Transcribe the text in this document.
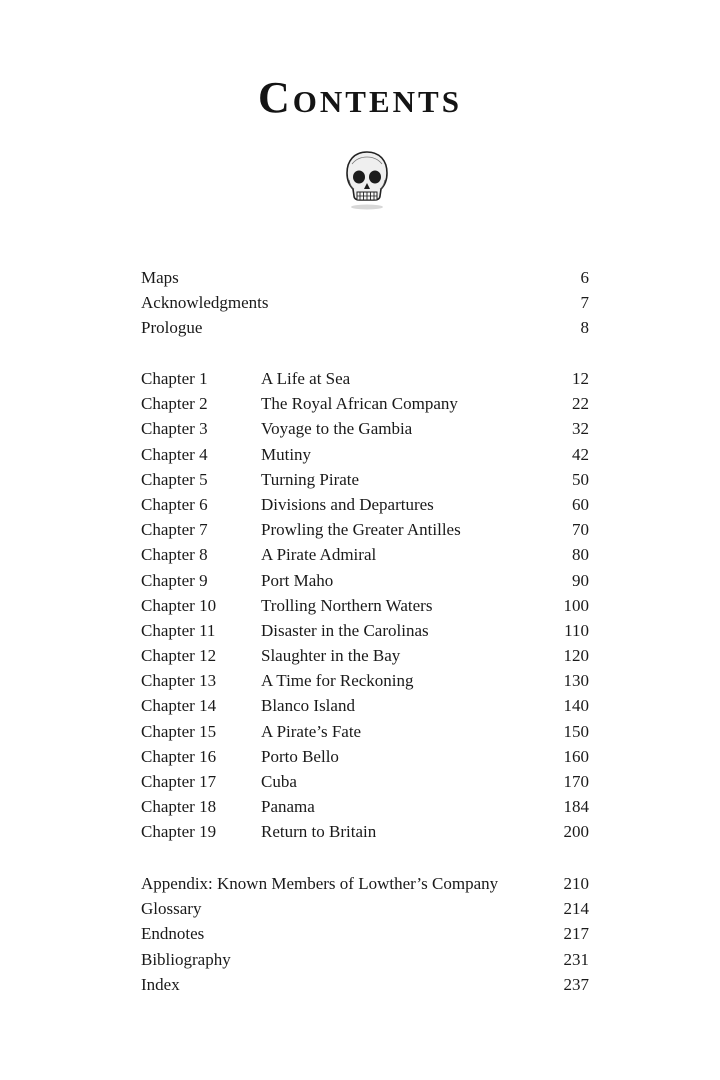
Contents
Maps	6
Acknowledgments	7
Prologue	8
Chapter 1	A Life at Sea	12
Chapter 2	The Royal African Company	22
Chapter 3	Voyage to the Gambia	32
Chapter 4	Mutiny	42
Chapter 5	Turning Pirate	50
Chapter 6	Divisions and Departures	60
Chapter 7	Prowling the Greater Antilles	70
Chapter 8	A Pirate Admiral	80
Chapter 9	Port Maho	90
Chapter 10	Trolling Northern Waters	100
Chapter 11	Disaster in the Carolinas	110
Chapter 12	Slaughter in the Bay	120
Chapter 13	A Time for Reckoning	130
Chapter 14	Blanco Island	140
Chapter 15	A Pirate’s Fate	150
Chapter 16	Porto Bello	160
Chapter 17	Cuba	170
Chapter 18	Panama	184
Chapter 19	Return to Britain	200
Appendix: Known Members of Lowther’s Company	210
Glossary	214
Endnotes	217
Bibliography	231
Index	237
